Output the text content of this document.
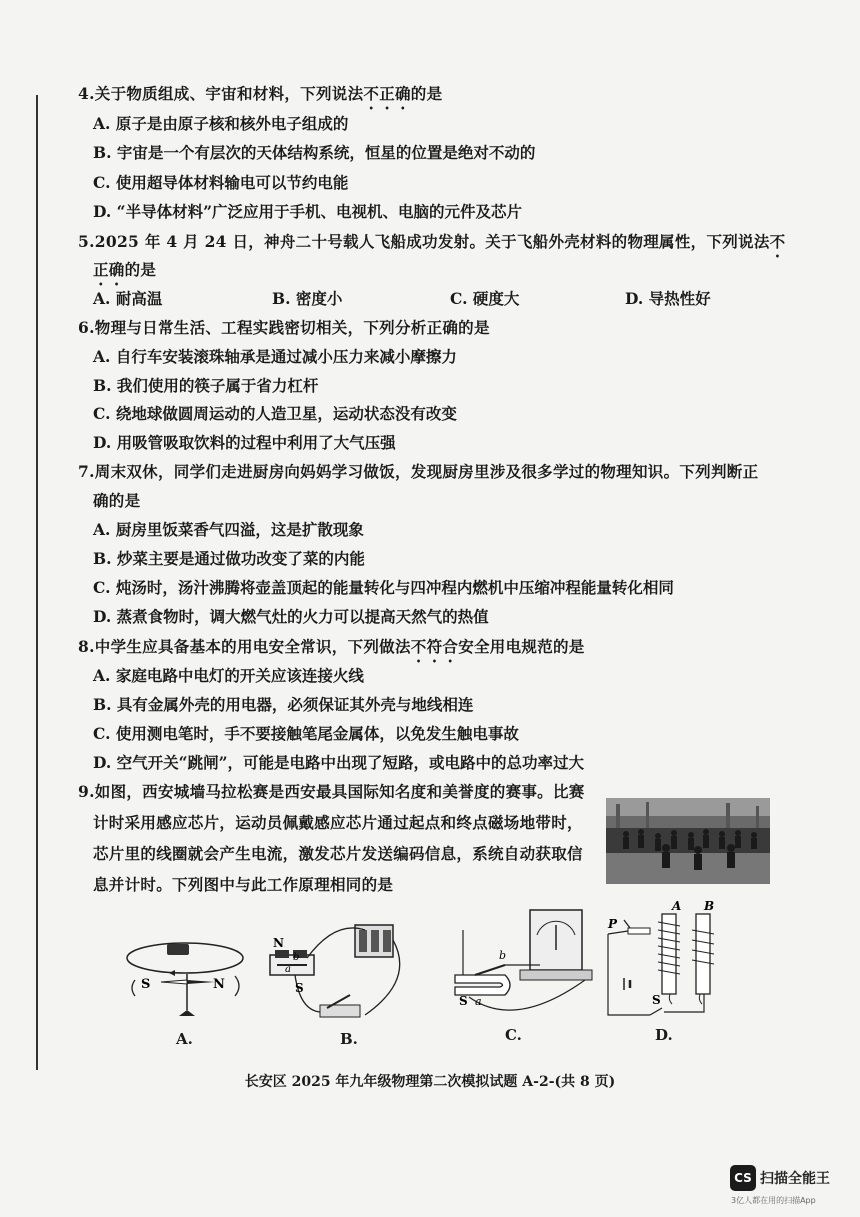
4.关于物质组成、宇宙和材料，下列说法不正确的是
A. 原子是由原子核和核外电子组成的
B. 宇宙是一个有层次的天体结构系统，恒星的位置是绝对不动的
C. 使用超导体材料输电可以节约电能
D. “半导体材料”广泛应用于手机、电视机、电脑的元件及芯片
5.2025 年 4 月 24 日，神舟二十号载人飞船成功发射。关于飞船外壳材料的物理属性，下列说法不
正确的是
A. 耐高温	B. 密度小	C. 硬度大	D. 导热性好
6.物理与日常生活、工程实践密切相关，下列分析正确的是
A. 自行车安装滚珠轴承是通过减小压力来减小摩擦力
B. 我们使用的筷子属于省力杠杆
C. 绕地球做圆周运动的人造卫星，运动状态没有改变
D. 用吸管吸取饮料的过程中利用了大气压强
7.周末双休，同学们走进厨房向妈妈学习做饭，发现厨房里涉及很多学过的物理知识。下列判断正
确的是
A. 厨房里饭菜香气四溢，这是扩散现象
B. 炒菜主要是通过做功改变了菜的内能
C. 炖汤时，汤汁沸腾将壶盖顶起的能量转化与四冲程内燃机中压缩冲程能量转化相同
D. 蒸煮食物时，调大燃气灶的火力可以提高天然气的热值
8.中学生应具备基本的用电安全常识，下列做法不符合安全用电规范的是
A. 家庭电路中电灯的开关应该连接火线
B. 具有金属外壳的用电器，必须保证其外壳与地线相连
C. 使用测电笔时，手不要接触笔尾金属体，以免发生触电事故
D. 空气开关“跳闸”，可能是电路中出现了短路，或电路中的总功率过大
9.如图，西安城墙马拉松赛是西安最具国际知名度和美誉度的赛事。比赛
计时采用感应芯片，运动员佩戴感应芯片通过起点和终点磁场地带时，
芯片里的线圈就会产生电流，激发芯片发送编码信息，系统自动获取信
息并计时。下列图中与此工作原理相同的是
S	N
A.
N
b
a
S
B.
b
S a
C.
P
A B
S
D.
长安区 2025 年九年级物理第二次模拟试题 A-2-(共 8 页)
CS 扫描全能王
3亿人都在用的扫描App
